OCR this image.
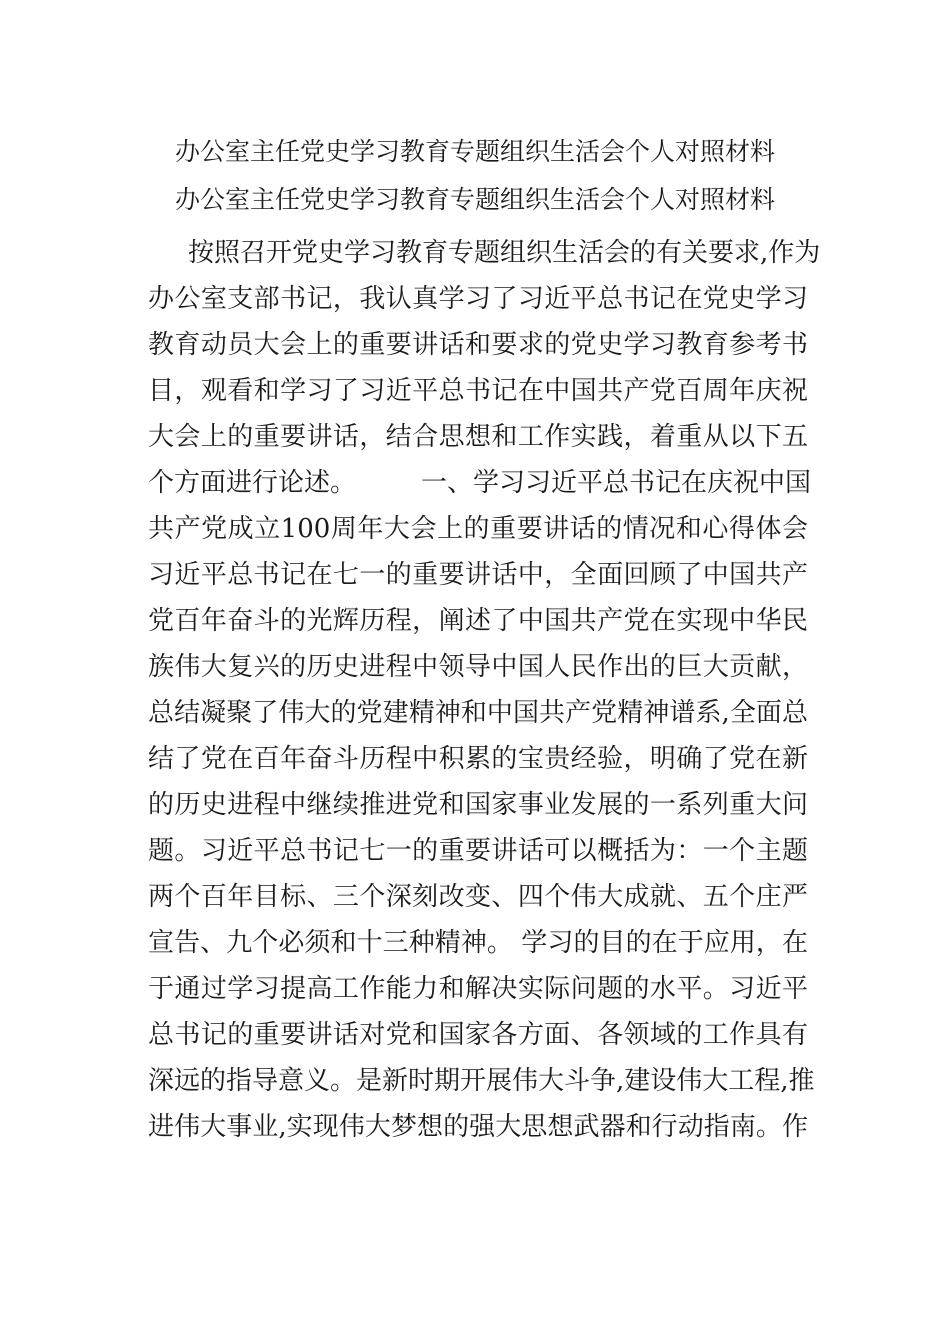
办公室主任党史学习教育专题组织生活会个人对照材料
办公室主任党史学习教育专题组织生活会个人对照材料
按照召开党史学习教育专题组织生活会的有关要求,作为
办公室支部书记，我认真学习了习近平总书记在党史学习
教育动员大会上的重要讲话和要求的党史学习教育参考书
目，观看和学习了习近平总书记在中国共产党百周年庆祝
大会上的重要讲话，结合思想和工作实践，着重从以下五
个方面进行论述。　　　一、学习习近平总书记在庆祝中国
共产党成立100周年大会上的重要讲话的情况和心得体会
习近平总书记在七一的重要讲话中，全面回顾了中国共产
党百年奋斗的光辉历程，阐述了中国共产党在实现中华民
族伟大复兴的历史进程中领导中国人民作出的巨大贡献，
总结凝聚了伟大的党建精神和中国共产党精神谱系,全面总
结了党在百年奋斗历程中积累的宝贵经验，明确了党在新
的历史进程中继续推进党和国家事业发展的一系列重大问
题。习近平总书记七一的重要讲话可以概括为：一个主题
两个百年目标、三个深刻改变、四个伟大成就、五个庄严
宣告、九个必须和十三种精神。 学习的目的在于应用，在
于通过学习提高工作能力和解决实际问题的水平。习近平
总书记的重要讲话对党和国家各方面、各领域的工作具有
深远的指导意义。是新时期开展伟大斗争,建设伟大工程,推
进伟大事业,实现伟大梦想的强大思想武器和行动指南。作
